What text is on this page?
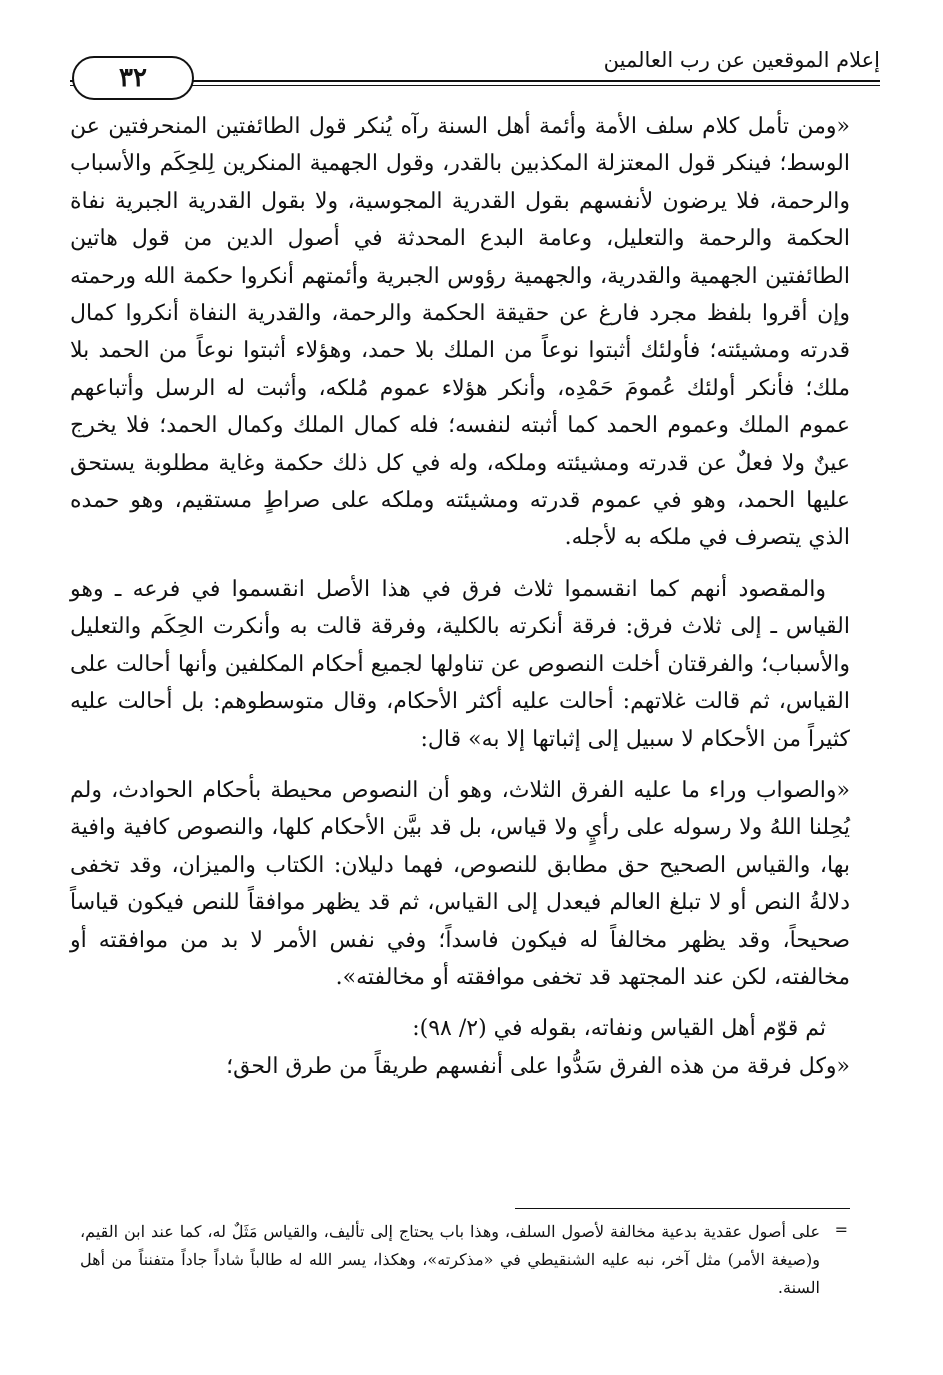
إعلام الموقعين عن رب العالمين
٣٢

«ومن تأمل كلام سلف الأمة وأئمة أهل السنة رآه يُنكر قول الطائفتين المنحرفتين عن الوسط؛ فينكر قول المعتزلة المكذبين بالقدر، وقول الجهمية المنكرين لِلحِكَم والأسباب والرحمة، فلا يرضون لأنفسهم بقول القدرية المجوسية، ولا بقول القدرية الجبرية نفاة الحكمة والرحمة والتعليل، وعامة البدع المحدثة في أصول الدين من قول هاتين الطائفتين الجهمية والقدرية، والجهمية رؤوس الجبرية وأئمتهم أنكروا حكمة الله ورحمته وإن أقروا بلفظ مجرد فارغ عن حقيقة الحكمة والرحمة، والقدرية النفاة أنكروا كمال قدرته ومشيئته؛ فأولئك أثبتوا نوعاً من الملك بلا حمد، وهؤلاء أثبتوا نوعاً من الحمد بلا ملك؛ فأنكر أولئك عُمومَ حَمْدِه، وأنكر هؤلاء عموم مُلكه، وأثبت له الرسل وأتباعهم عموم الملك وعموم الحمد كما أثبته لنفسه؛ فله كمال الملك وكمال الحمد؛ فلا يخرج عينٌ ولا فعلٌ عن قدرته ومشيئته وملكه، وله في كل ذلك حكمة وغاية مطلوبة يستحق عليها الحمد، وهو في عموم قدرته ومشيئته وملكه على صراطٍ مستقيم، وهو حمده الذي يتصرف في ملكه به لأجله.

والمقصود أنهم كما انقسموا ثلاث فرق في هذا الأصل انقسموا في فرعه ـ وهو القياس ـ إلى ثلاث فرق: فرقة أنكرته بالكلية، وفرقة قالت به وأنكرت الحِكَم والتعليل والأسباب؛ والفرقتان أخلت النصوص عن تناولها لجميع أحكام المكلفين وأنها أحالت على القياس، ثم قالت غلاتهم: أحالت عليه أكثر الأحكام، وقال متوسطوهم: بل أحالت عليه كثيراً من الأحكام لا سبيل إلى إثباتها إلا به» قال:

«والصواب وراء ما عليه الفرق الثلاث، وهو أن النصوص محيطة بأحكام الحوادث، ولم يُحِلنا اللهُ ولا رسوله على رأيٍ ولا قياس، بل قد بيَّن الأحكام كلها، والنصوص كافية وافية بها، والقياس الصحيح حق مطابق للنصوص، فهما دليلان: الكتاب والميزان، وقد تخفى دلالةُ النص أو لا تبلغ العالم فيعدل إلى القياس، ثم قد يظهر موافقاً للنص فيكون قياساً صحيحاً، وقد يظهر مخالفاً له فيكون فاسداً؛ وفي نفس الأمر لا بد من موافقته أو مخالفته، لكن عند المجتهد قد تخفى موافقته أو مخالفته».

ثم قوّم أهل القياس ونفاته، بقوله في (٢/ ٩٨):

«وكل فرقة من هذه الفرق سَدُّوا على أنفسهم طريقاً من طرق الحق؛

=

على أصول عقدية بدعية مخالفة لأصول السلف، وهذا باب يحتاج إلى تأليف، والقياس مَثَلٌ له، كما عند ابن القيم، و(صيغة الأمر) مثل آخر، نبه عليه الشنقيطي في «مذكرته»، وهكذا، يسر الله له طالباً شاداً جاداً متفنناً من أهل السنة.
